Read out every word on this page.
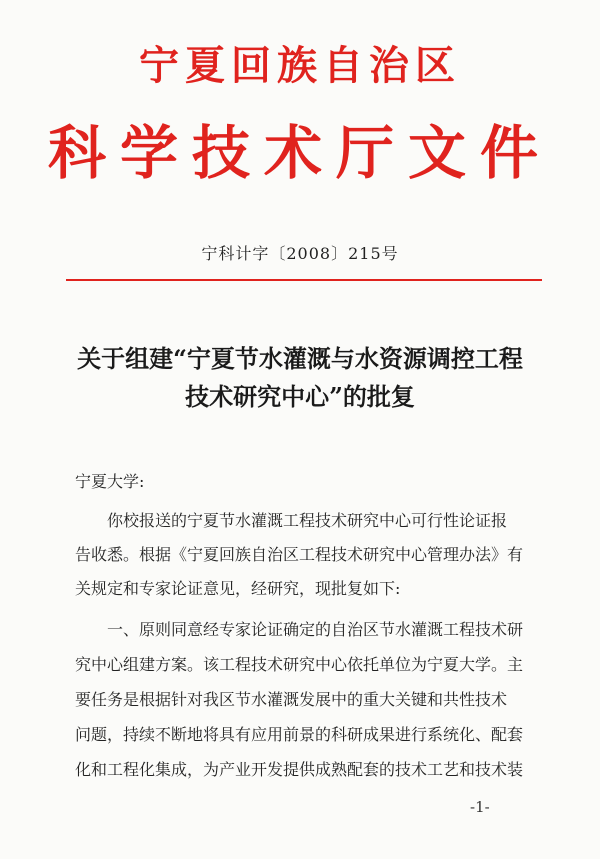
宁夏回族自治区
科学技术厅文件
宁科计字〔2008〕215号
关于组建“宁夏节水灌溉与水资源调控工程
技术研究中心”的批复
宁夏大学:
你校报送的宁夏节水灌溉工程技术研究中心可行性论证报
告收悉。根据《宁夏回族自治区工程技术研究中心管理办法》有
关规定和专家论证意见，经研究，现批复如下:
一、原则同意经专家论证确定的自治区节水灌溉工程技术研
究中心组建方案。该工程技术研究中心依托单位为宁夏大学。主
要任务是根据针对我区节水灌溉发展中的重大关键和共性技术
问题，持续不断地将具有应用前景的科研成果进行系统化、配套
化和工程化集成，为产业开发提供成熟配套的技术工艺和技术装
-1-
